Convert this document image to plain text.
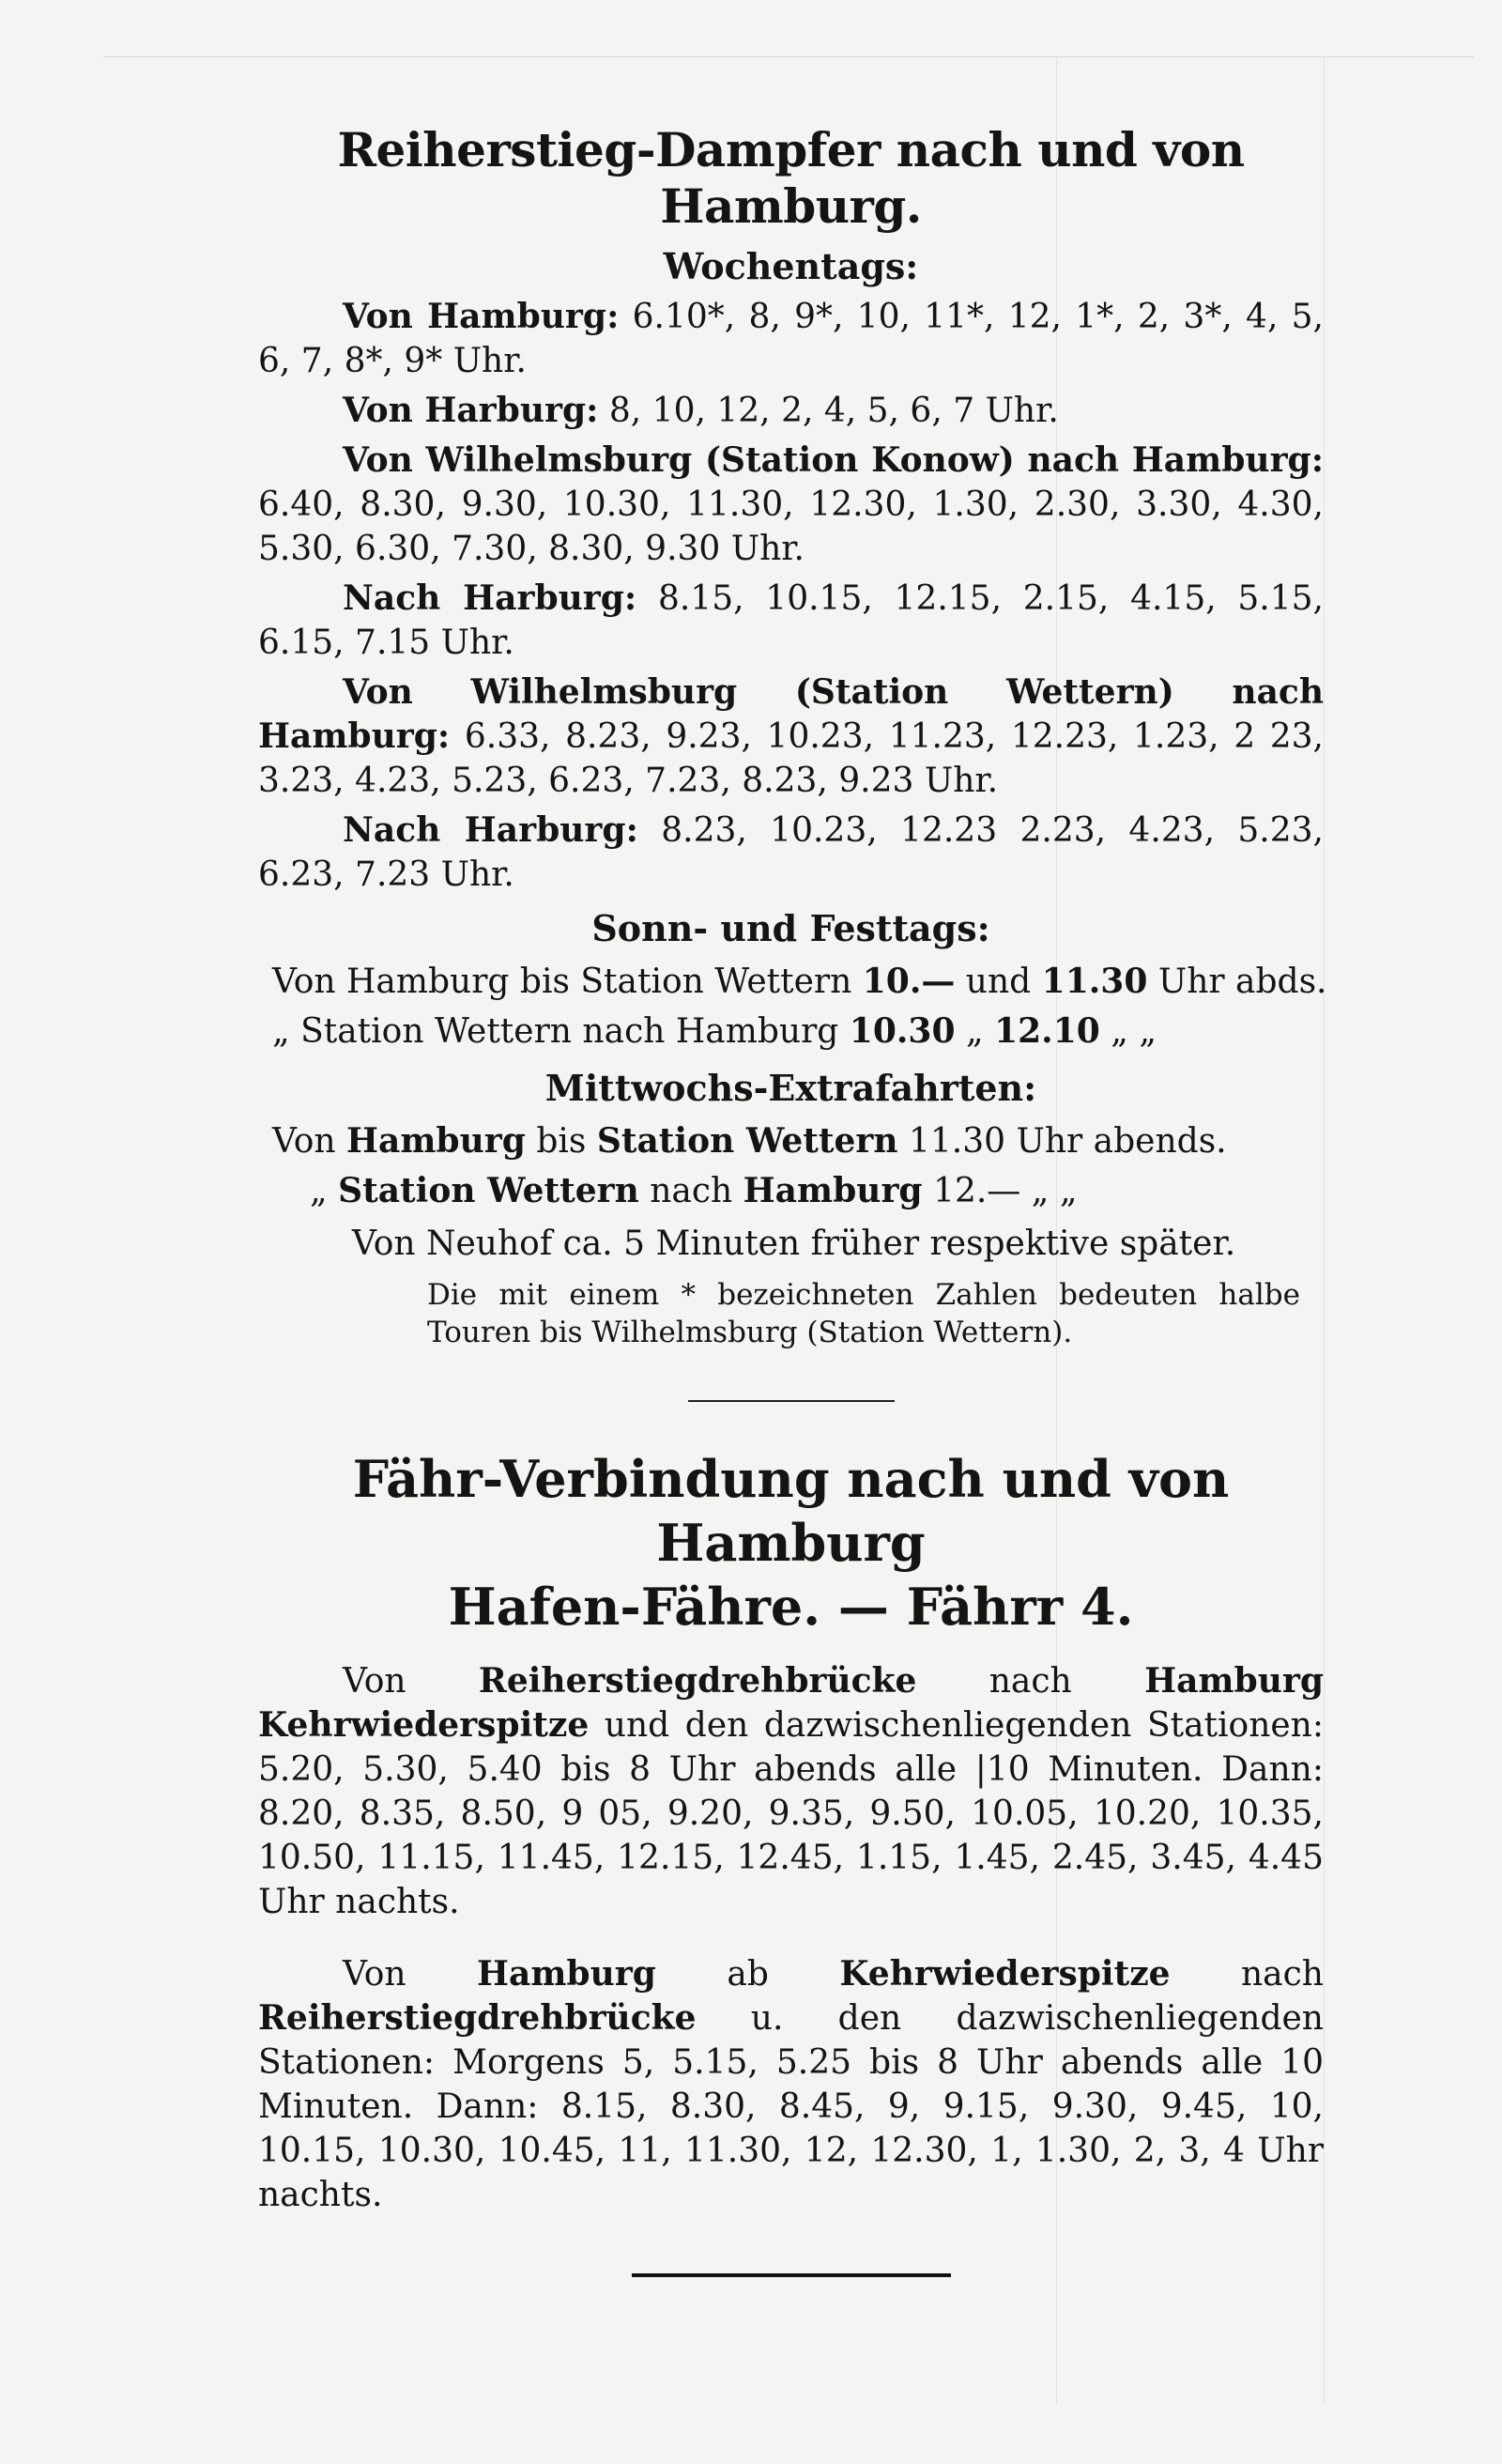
Reiherstieg-Dampfer nach und von Hamburg.
Wochentags:

Von Hamburg: 6.10*, 8, 9*, 10, 11*, 12, 1*, 2, 3*, 4, 5, 6, 7, 8*, 9* Uhr.

Von Harburg: 8, 10, 12, 2, 4, 5, 6, 7 Uhr.

Von Wilhelmsburg (Station Konow) nach Hamburg: 6.40, 8.30, 9.30, 10.30, 11.30, 12.30, 1.30, 2.30, 3.30, 4.30, 5.30, 6.30, 7.30, 8.30, 9.30 Uhr.

Nach Harburg: 8.15, 10.15, 12.15, 2.15, 4.15, 5.15, 6.15, 7.15 Uhr.

Von Wilhelmsburg (Station Wettern) nach Hamburg: 6.33, 8.23, 9.23, 10.23, 11.23, 12.23, 1.23, 2 23, 3.23, 4.23, 5.23, 6.23, 7.23, 8.23, 9.23 Uhr.

Nach Harburg: 8.23, 10.23, 12.23 2.23, 4.23, 5.23, 6.23, 7.23 Uhr.

Sonn- und Festtags:
Von Hamburg bis Station Wettern 10.— und 11.30 Uhr abds.
„ Station Wettern nach Hamburg 10.30 „ 12.10 „ „
Mittwochs-Extrafahrten:
Von Hamburg bis Station Wettern 11.30 Uhr abends.
„ Station Wettern nach Hamburg 12.— „ „
Von Neuhof ca. 5 Minuten früher respektive später.
Die mit einem * bezeichneten Zahlen bedeuten halbe Touren bis Wilhelmsburg (Station Wettern).
Fähr-Verbindung nach und von Hamburg
Hafen-Fähre. — Fährr 4.

Von Reiherstiegdrehbrücke nach Hamburg Kehrwiederspitze und den dazwischenliegenden Stationen: 5.20, 5.30, 5.40 bis 8 Uhr abends alle |10 Minuten. Dann: 8.20, 8.35, 8.50, 9 05, 9.20, 9.35, 9.50, 10.05, 10.20, 10.35, 10.50, 11.15, 11.45, 12.15, 12.45, 1.15, 1.45, 2.45, 3.45, 4.45 Uhr nachts.

Von Hamburg ab Kehrwiederspitze nach Reiherstiegdrehbrücke u. den dazwischenliegenden Stationen: Morgens 5, 5.15, 5.25 bis 8 Uhr abends alle 10 Minuten. Dann: 8.15, 8.30, 8.45, 9, 9.15, 9.30, 9.45, 10, 10.15, 10.30, 10.45, 11, 11.30, 12, 12.30, 1, 1.30, 2, 3, 4 Uhr nachts.
